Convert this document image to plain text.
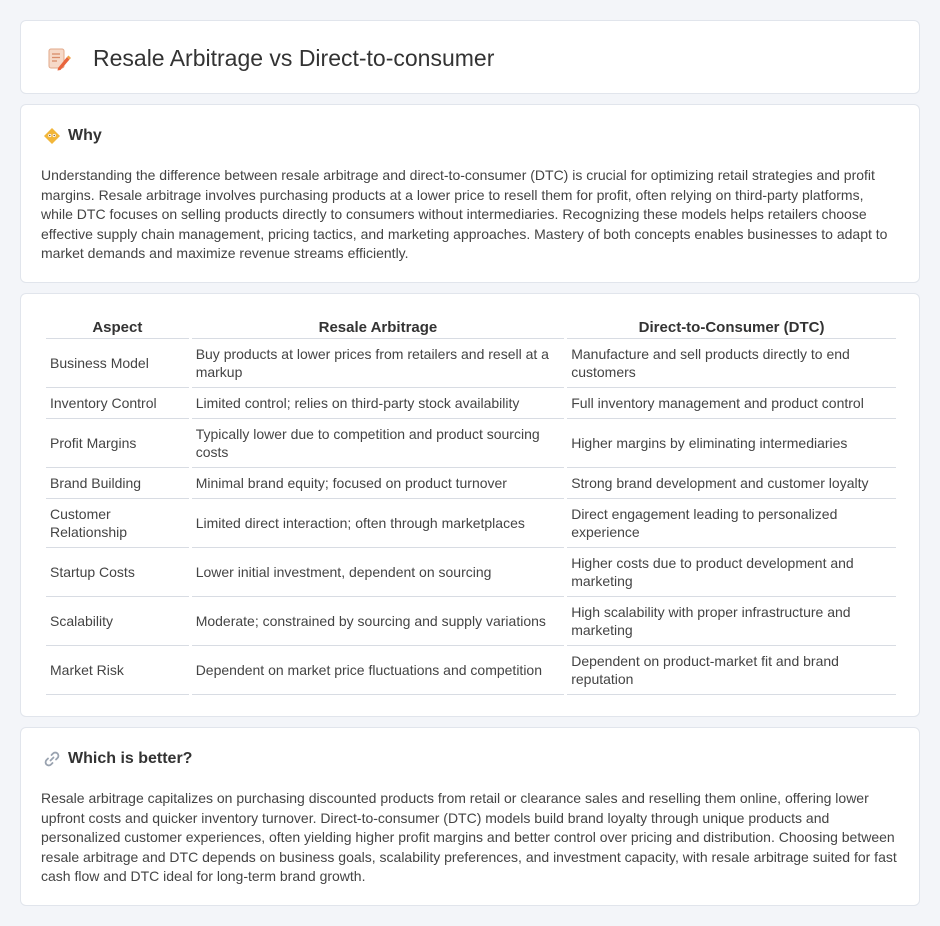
Resale Arbitrage vs Direct-to-consumer
Why

Understanding the difference between resale arbitrage and direct-to-consumer (DTC) is crucial for optimizing retail strategies and profit margins. Resale arbitrage involves purchasing products at a lower price to resell them for profit, often relying on third-party platforms, while DTC focuses on selling products directly to consumers without intermediaries. Recognizing these models helps retailers choose effective supply chain management, pricing tactics, and marketing approaches. Mastery of both concepts enables businesses to adapt to market demands and maximize revenue streams efficiently.

Aspect	Resale Arbitrage	Direct-to-Consumer (DTC)
Business Model	Buy products at lower prices from retailers and resell at a markup	Manufacture and sell products directly to end customers
Inventory Control	Limited control; relies on third-party stock availability	Full inventory management and product control
Profit Margins	Typically lower due to competition and product sourcing costs	Higher margins by eliminating intermediaries
Brand Building	Minimal brand equity; focused on product turnover	Strong brand development and customer loyalty
Customer Relationship	Limited direct interaction; often through marketplaces	Direct engagement leading to personalized experience
Startup Costs	Lower initial investment, dependent on sourcing	Higher costs due to product development and marketing
Scalability	Moderate; constrained by sourcing and supply variations	High scalability with proper infrastructure and marketing
Market Risk	Dependent on market price fluctuations and competition	Dependent on product-market fit and brand reputation
Which is better?

Resale arbitrage capitalizes on purchasing discounted products from retail or clearance sales and reselling them online, offering lower upfront costs and quicker inventory turnover. Direct-to-consumer (DTC) models build brand loyalty through unique products and personalized customer experiences, often yielding higher profit margins and better control over pricing and distribution. Choosing between resale arbitrage and DTC depends on business goals, scalability preferences, and investment capacity, with resale arbitrage suited for fast cash flow and DTC ideal for long-term brand growth.
